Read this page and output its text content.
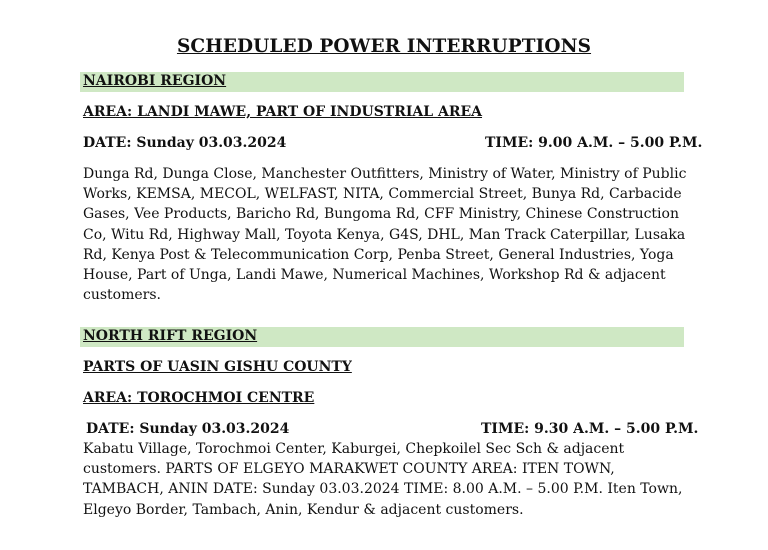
SCHEDULED POWER INTERRUPTIONS
NAIROBI REGION
AREA: LANDI MAWE, PART OF INDUSTRIAL AREA
DATE: Sunday 03.03.2024	TIME: 9.00 A.M. – 5.00 P.M.
Dunga Rd, Dunga Close, Manchester Outfitters, Ministry of Water, Ministry of Public Works, KEMSA, MECOL, WELFAST, NITA, Commercial Street, Bunya Rd, Carbacide Gases, Vee Products, Baricho Rd, Bungoma Rd, CFF Ministry, Chinese Construction Co, Witu Rd, Highway Mall, Toyota Kenya, G4S, DHL, Man Track Caterpillar, Lusaka Rd, Kenya Post & Telecommunication Corp, Penba Street, General Industries, Yoga House, Part of Unga, Landi Mawe, Numerical Machines, Workshop Rd & adjacent customers.
NORTH RIFT REGION
PARTS OF UASIN GISHU COUNTY
AREA: TOROCHMOI CENTRE
DATE: Sunday 03.03.2024	TIME: 9.30 A.M. – 5.00 P.M.
Kabatu Village, Torochmoi Center, Kaburgei, Chepkoilel Sec Sch & adjacent customers. PARTS OF ELGEYO MARAKWET COUNTY AREA: ITEN TOWN, TAMBACH, ANIN DATE: Sunday 03.03.2024 TIME: 8.00 A.M. – 5.00 P.M. Iten Town, Elgeyo Border, Tambach, Anin, Kendur & adjacent customers.
